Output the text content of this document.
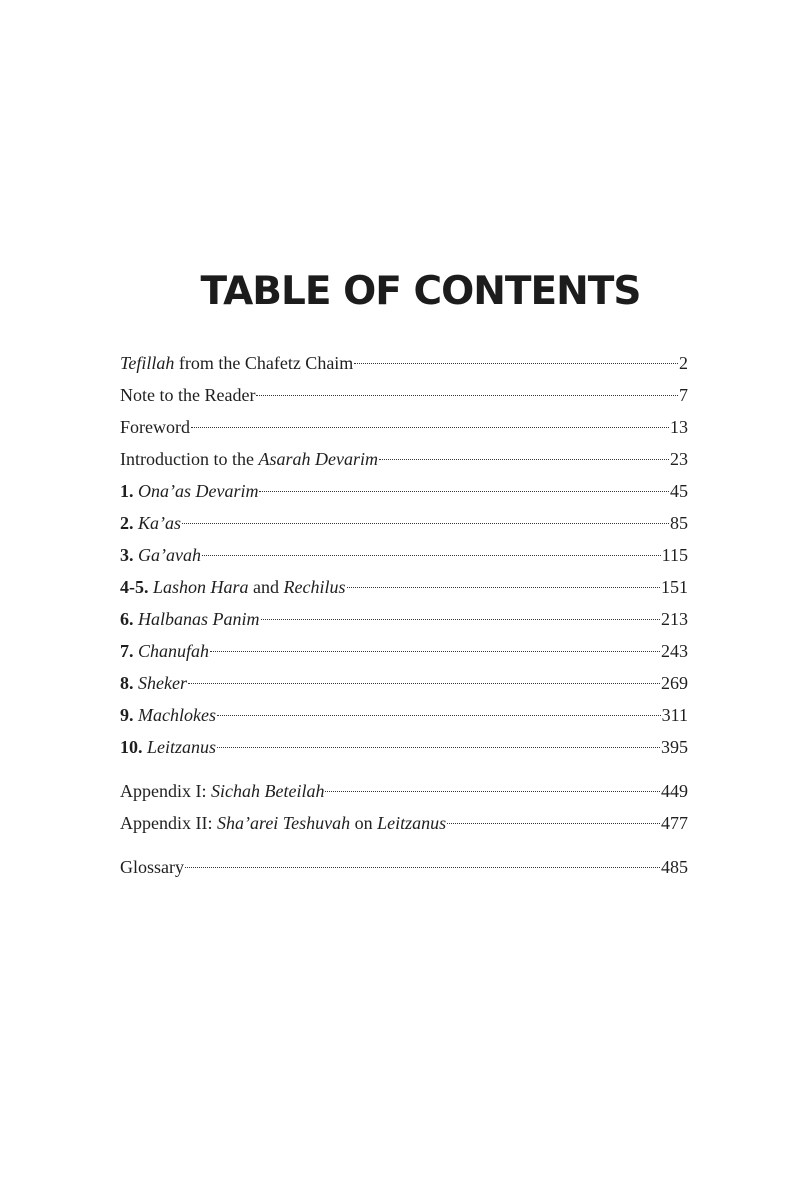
TABLE OF CONTENTS
Tefillah from the Chafetz Chaim	2
Note to the Reader	7
Foreword	13
Introduction to the Asarah Devarim	23
1. Ona’as Devarim	45
2. Ka’as	85
3. Ga’avah	115
4-5. Lashon Hara and Rechilus	151
6. Halbanas Panim	213
7. Chanufah	243
8. Sheker	269
9. Machlokes	311
10. Leitzanus	395
Appendix I: Sichah Beteilah	449
Appendix II: Sha’arei Teshuvah on Leitzanus	477
Glossary	485
